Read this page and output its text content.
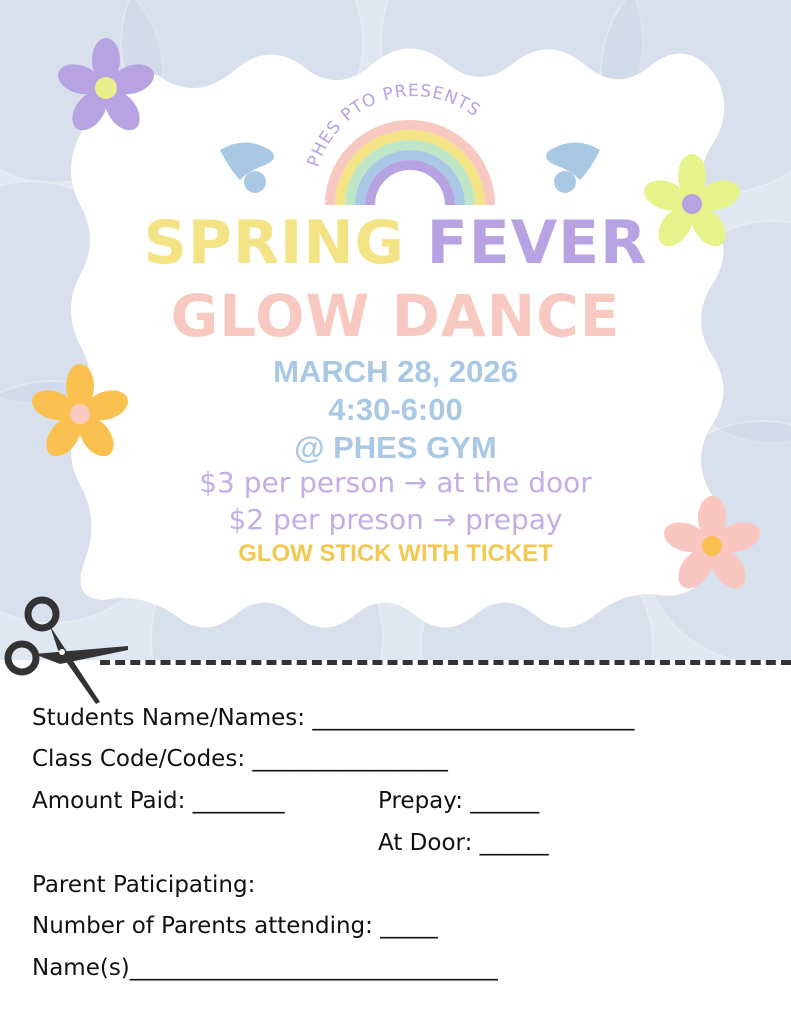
PHES PTO PRESENTS
SPRING FEVER
GLOW DANCE
MARCH 28, 2026
4:30-6:00
@ PHES GYM
$3 per person → at the door
$2 per preson → prepay
GLOW STICK WITH TICKET
Students Name/Names: ____________________________
Class Code/Codes: _________________
Amount Paid: ________	Prepay: ______
At Door: ______
Parent Paticipating:
Number of Parents attending: _____
Name(s)________________________________
